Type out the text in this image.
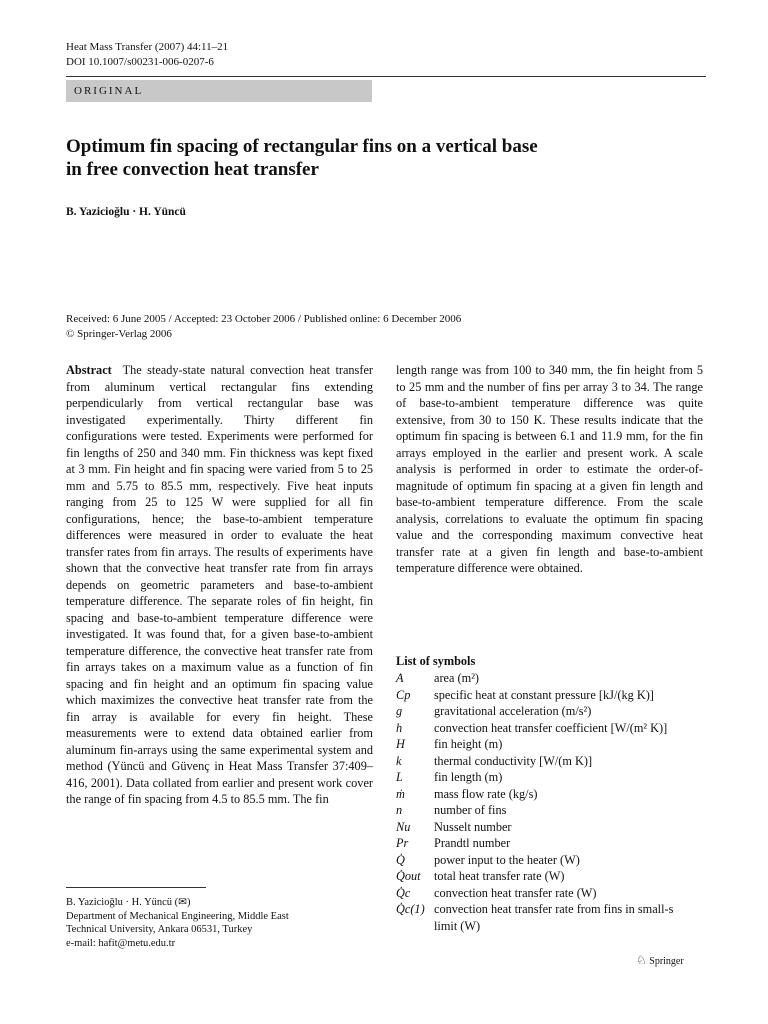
Heat Mass Transfer (2007) 44:11–21
DOI 10.1007/s00231-006-0207-6
ORIGINAL
Optimum fin spacing of rectangular fins on a vertical base
in free convection heat transfer
B. Yazicioğlu · H. Yüncü
Received: 6 June 2005 / Accepted: 23 October 2006 / Published online: 6 December 2006
© Springer-Verlag 2006
Abstract The steady-state natural convection heat transfer from aluminum vertical rectangular fins extending perpendicularly from vertical rectangular base was investigated experimentally. Thirty different fin configurations were tested. Experiments were performed for fin lengths of 250 and 340 mm. Fin thickness was kept fixed at 3 mm. Fin height and fin spacing were varied from 5 to 25 mm and 5.75 to 85.5 mm, respectively. Five heat inputs ranging from 25 to 125 W were supplied for all fin configurations, hence; the base-to-ambient temperature differences were measured in order to evaluate the heat transfer rates from fin arrays. The results of experiments have shown that the convective heat transfer rate from fin arrays depends on geometric parameters and base-to-ambient temperature difference. The separate roles of fin height, fin spacing and base-to-ambient temperature difference were investigated. It was found that, for a given base-to-ambient temperature difference, the convective heat transfer rate from fin arrays takes on a maximum value as a function of fin spacing and fin height and an optimum fin spacing value which maximizes the convective heat transfer rate from the fin array is available for every fin height. These measurements were to extend data obtained earlier from aluminum fin-arrays using the same experimental system and method (Yüncü and Güvenç in Heat Mass Transfer 37:409–416, 2001). Data collated from earlier and present work cover the range of fin spacing from 4.5 to 85.5 mm. The fin
length range was from 100 to 340 mm, the fin height from 5 to 25 mm and the number of fins per array 3 to 34. The range of base-to-ambient temperature difference was quite extensive, from 30 to 150 K. These results indicate that the optimum fin spacing is between 6.1 and 11.9 mm, for the fin arrays employed in the earlier and present work. A scale analysis is performed in order to estimate the order-of-magnitude of optimum fin spacing at a given fin length and base-to-ambient temperature difference. From the scale analysis, correlations to evaluate the optimum fin spacing value and the corresponding maximum convective heat transfer rate at a given fin length and base-to-ambient temperature difference were obtained.
List of symbols
A	area (m²)
Cp	specific heat at constant pressure [kJ/(kg K)]
g	gravitational acceleration (m/s²)
h	convection heat transfer coefficient [W/(m² K)]
H	fin height (m)
k	thermal conductivity [W/(m K)]
L	fin length (m)
ṁ	mass flow rate (kg/s)
n	number of fins
Nu	Nusselt number
Pr	Prandtl number
Q̇	power input to the heater (W)
Q̇out	total heat transfer rate (W)
Q̇c	convection heat transfer rate (W)
Q̇c(1)	convection heat transfer rate from fins in small-s
	limit (W)
B. Yazicioğlu · H. Yüncü (✉)
Department of Mechanical Engineering, Middle East
Technical University, Ankara 06531, Turkey
e-mail: hafit@metu.edu.tr
♘ Springer
